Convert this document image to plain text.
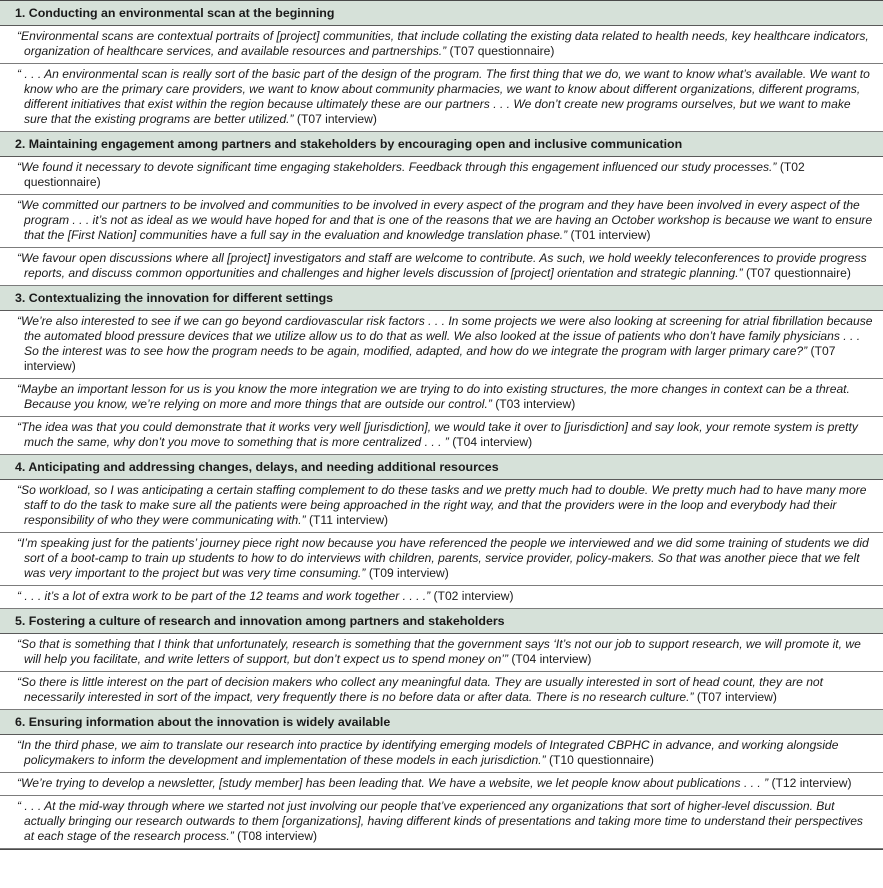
1. Conducting an environmental scan at the beginning
“Environmental scans are contextual portraits of [project] communities, that include collating the existing data related to health needs, key healthcare indicators, organization of healthcare services, and available resources and partnerships.” (T07 questionnaire)
“ . . . An environmental scan is really sort of the basic part of the design of the program. The first thing that we do, we want to know what’s available. We want to know who are the primary care providers, we want to know about community pharmacies, we want to know about different organizations, different programs, different initiatives that exist within the region because ultimately these are our partners . . . We don’t create new programs ourselves, but we want to make sure that the existing programs are better utilized.” (T07 interview)
2. Maintaining engagement among partners and stakeholders by encouraging open and inclusive communication
“We found it necessary to devote significant time engaging stakeholders. Feedback through this engagement influenced our study processes.” (T02 questionnaire)
“We committed our partners to be involved and communities to be involved in every aspect of the program and they have been involved in every aspect of the program . . . it’s not as ideal as we would have hoped for and that is one of the reasons that we are having an October workshop is because we want to ensure that the [First Nation] communities have a full say in the evaluation and knowledge translation phase.” (T01 interview)
“We favour open discussions where all [project] investigators and staff are welcome to contribute. As such, we hold weekly teleconferences to provide progress reports, and discuss common opportunities and challenges and higher levels discussion of [project] orientation and strategic planning.” (T07 questionnaire)
3. Contextualizing the innovation for different settings
“We’re also interested to see if we can go beyond cardiovascular risk factors . . . In some projects we were also looking at screening for atrial fibrillation because the automated blood pressure devices that we utilize allow us to do that as well. We also looked at the issue of patients who don’t have family physicians . . . So the interest was to see how the program needs to be again, modified, adapted, and how do we integrate the program with larger primary care?” (T07 interview)
“Maybe an important lesson for us is you know the more integration we are trying to do into existing structures, the more changes in context can be a threat. Because you know, we’re relying on more and more things that are outside our control.” (T03 interview)
“The idea was that you could demonstrate that it works very well [jurisdiction], we would take it over to [jurisdiction] and say look, your remote system is pretty much the same, why don’t you move to something that is more centralized . . . ” (T04 interview)
4. Anticipating and addressing changes, delays, and needing additional resources
“So workload, so I was anticipating a certain staffing complement to do these tasks and we pretty much had to double. We pretty much had to have many more staff to do the task to make sure all the patients were being approached in the right way, and that the providers were in the loop and everybody had their responsibility of who they were communicating with.” (T11 interview)
“I’m speaking just for the patients’ journey piece right now because you have referenced the people we interviewed and we did some training of students we did sort of a boot-camp to train up students to how to do interviews with children, parents, service provider, policy-makers. So that was another piece that we felt was very important to the project but was very time consuming.” (T09 interview)
“ . . . it’s a lot of extra work to be part of the 12 teams and work together . . . .” (T02 interview)
5. Fostering a culture of research and innovation among partners and stakeholders
“So that is something that I think that unfortunately, research is something that the government says ‘It’s not our job to support research, we will promote it, we will help you facilitate, and write letters of support, but don’t expect us to spend money on’” (T04 interview)
“So there is little interest on the part of decision makers who collect any meaningful data. They are usually interested in sort of head count, they are not necessarily interested in sort of the impact, very frequently there is no before data or after data. There is no research culture.” (T07 interview)
6. Ensuring information about the innovation is widely available
“In the third phase, we aim to translate our research into practice by identifying emerging models of Integrated CBPHC in advance, and working alongside policymakers to inform the development and implementation of these models in each jurisdiction.” (T10 questionnaire)
“We’re trying to develop a newsletter, [study member] has been leading that. We have a website, we let people know about publications . . . ” (T12 interview)
“ . . . At the mid-way through where we started not just involving our people that’ve experienced any organizations that sort of higher-level discussion. But actually bringing our research outwards to them [organizations], having different kinds of presentations and taking more time to understand their perspectives at each stage of the research process.” (T08 interview)
